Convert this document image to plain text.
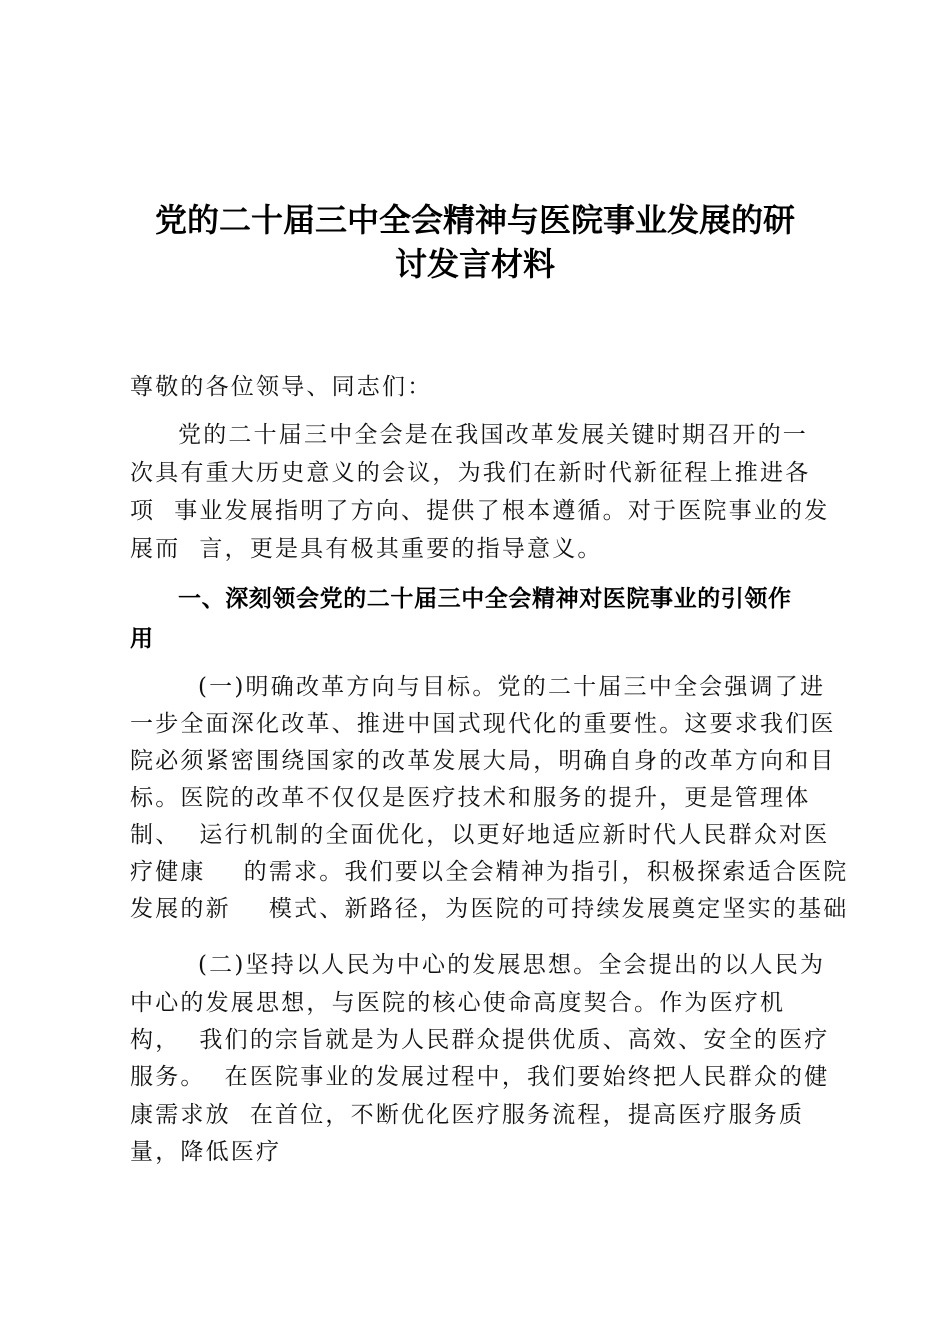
党的二十届三中全会精神与医院事业发展的研
讨发言材料
尊敬的各位领导、同志们：
党的二十届三中全会是在我国改革发展关键时期召开的一
次具有重大历史意义的会议，为我们在新时代新征程上推进各
项  事业发展指明了方向、提供了根本遵循。对于医院事业的发
展而  言，更是具有极其重要的指导意义。
一、深刻领会党的二十届三中全会精神对医院事业的引领作
用
(一)明确改革方向与目标。党的二十届三中全会强调了进
一步全面深化改革、推进中国式现代化的重要性。这要求我们医
院必须紧密围绕国家的改革发展大局，明确自身的改革方向和目
标。医院的改革不仅仅是医疗技术和服务的提升，更是管理体
制、  运行机制的全面优化，以更好地适应新时代人民群众对医
疗健康    的需求。我们要以全会精神为指引，积极探索适合医院
发展的新    模式、新路径，为医院的可持续发展奠定坚实的基础
(二)坚持以人民为中心的发展思想。全会提出的以人民为
中心的发展思想，与医院的核心使命高度契合。作为医疗机
构，  我们的宗旨就是为人民群众提供优质、高效、安全的医疗
服务。  在医院事业的发展过程中，我们要始终把人民群众的健
康需求放  在首位，不断优化医疗服务流程，提高医疗服务质
量，降低医疗
